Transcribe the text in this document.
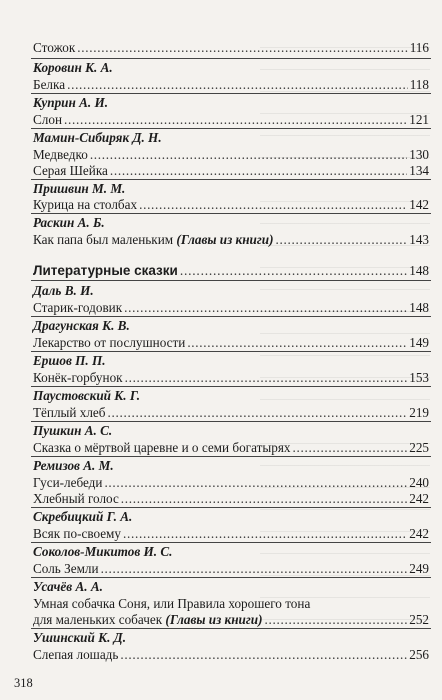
Стожок . . .	116
Коровин К. А.
Белка . . .	118
Куприн А. И.
Слон . . .	121
Мамин-Сибиряк Д. Н.
Медведко . . .	130
Серая Шейка . . .	134
Пришвин М. М.
Курица на столбах . . .	142
Раскин А. Б.
Как папа был маленьким (Главы из книги) . . .	143
Литературные сказки . . .	148
Даль В. И.
Старик-годовик . . .	148
Драгунская К. В.
Лекарство от послушности . . .	149
Ершов П. П.
Конёк-горбунок . . .	153
Паустовский К. Г.
Тёплый хлеб . . .	219
Пушкин А. С.
Сказка о мёртвой царевне и о семи богатырях . . .	225
Ремизов А. М.
Гуси-лебеди . . .	240
Хлебный голос . . .	242
Скребицкий Г. А.
Всяк по-своему . . .	242
Соколов-Микитов И. С.
Соль Земли . . .	249
Усачёв А. А.
Умная собачка Соня, или Правила хорошего тона
для маленьких собачек (Главы из книги) . . .	252
Ушинский К. Д.
Слепая лошадь . . .	256
318
